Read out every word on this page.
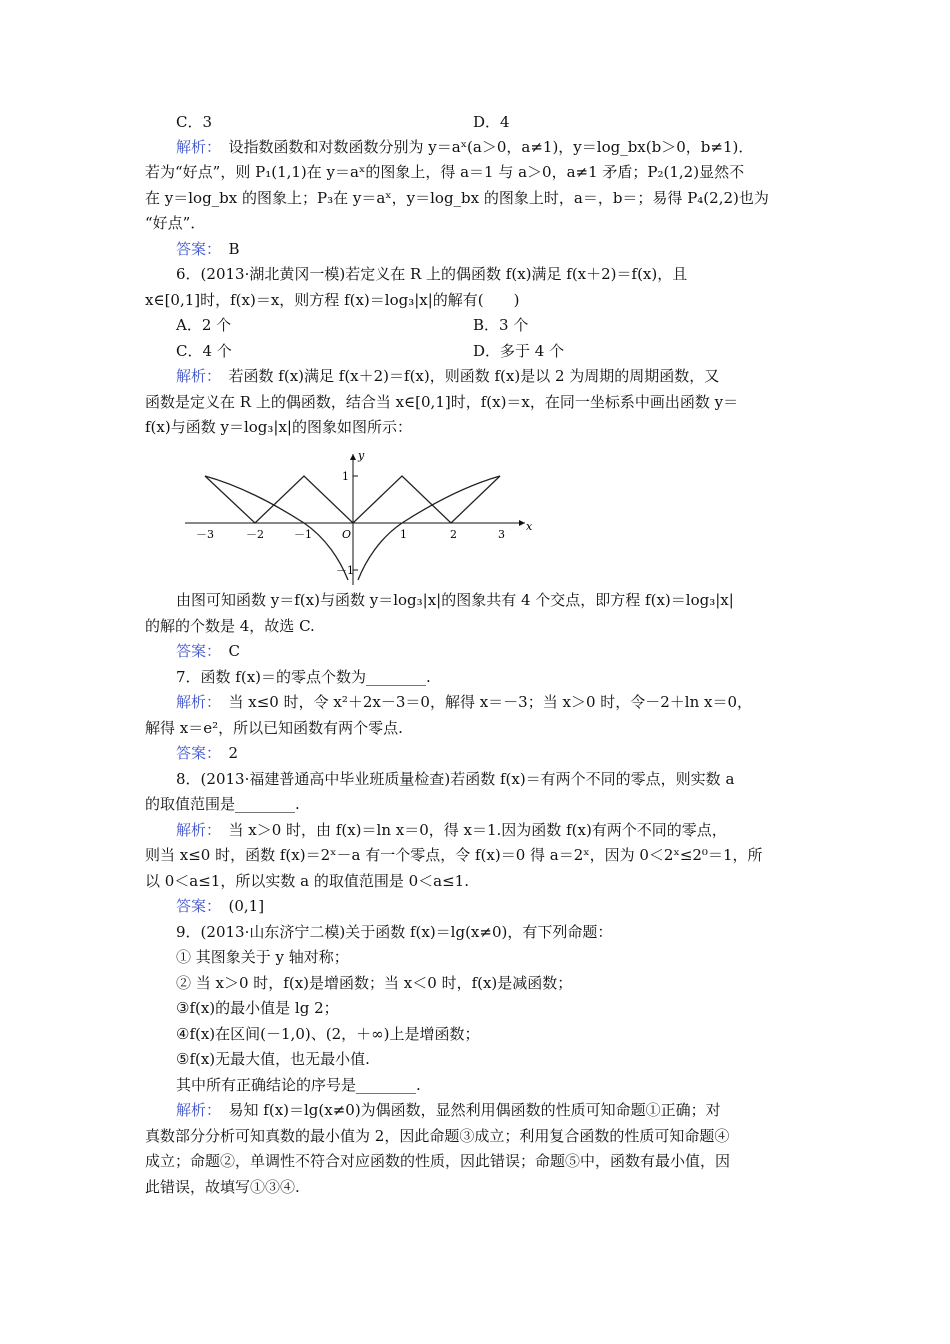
C．3	D．4
解析：　设指数函数和对数函数分别为 y＝aˣ(a＞0，a≠1)，y＝log_bx(b＞0，b≠1)．
若为“好点”，则 P₁(1,1)在 y＝aˣ的图象上，得 a＝1 与 a＞0，a≠1 矛盾；P₂(1,2)显然不
在 y＝log_bx 的图象上；P₃在 y＝aˣ，y＝log_bx 的图象上时，a＝，b＝；易得 P₄(2,2)也为
“好点”．
答案：　B
6．(2013·湖北黄冈一模)若定义在 R 上的偶函数 f(x)满足 f(x＋2)＝f(x)，且
x∈[0,1]时，f(x)＝x，则方程 f(x)＝log₃|x|的解有(　　)
A．2 个	B．3 个
C．4 个	D．多于 4 个
解析：　若函数 f(x)满足 f(x＋2)＝f(x)，则函数 f(x)是以 2 为周期的周期函数，又
函数是定义在 R 上的偶函数，结合当 x∈[0,1]时，f(x)＝x，在同一坐标系中画出函数 y＝
f(x)与函数 y＝log₃|x|的图象如图所示：
由图可知函数 y＝f(x)与函数 y＝log₃|x|的图象共有 4 个交点，即方程 f(x)＝log₃|x|
的解的个数是 4，故选 C.
答案：　C
7．函数 f(x)＝的零点个数为________.
解析：　当 x≤0 时，令 x²＋2x－3＝0，解得 x＝－3；当 x＞0 时，令－2＋ln x＝0，
解得 x＝e²，所以已知函数有两个零点.
答案：　2
8．(2013·福建普通高中毕业班质量检查)若函数 f(x)＝有两个不同的零点，则实数 a
的取值范围是________.
解析：　当 x＞0 时，由 f(x)＝ln x＝0，得 x＝1.因为函数 f(x)有两个不同的零点，
则当 x≤0 时，函数 f(x)＝2ˣ－a 有一个零点，令 f(x)＝0 得 a＝2ˣ，因为 0＜2ˣ≤2⁰＝1，所
以 0＜a≤1，所以实数 a 的取值范围是 0＜a≤1.
答案：　(0,1]
9．(2013·山东济宁二模)关于函数 f(x)＝lg(x≠0)，有下列命题：
① 其图象关于 y 轴对称；
② 当 x＞0 时，f(x)是增函数；当 x＜0 时，f(x)是减函数；
③f(x)的最小值是 lg 2；
④f(x)在区间(－1,0)、(2，＋∞)上是增函数；
⑤f(x)无最大值，也无最小值.
其中所有正确结论的序号是________.
解析：　易知 f(x)＝lg(x≠0)为偶函数，显然利用偶函数的性质可知命题①正确；对
真数部分分析可知真数的最小值为 2，因此命题③成立；利用复合函数的性质可知命题④
成立；命题②，单调性不符合对应函数的性质，因此错误；命题⑤中，函数有最小值，因
此错误，故填写①③④.
－3	－2	－1	1	2	3
O
1
－1
x
y
